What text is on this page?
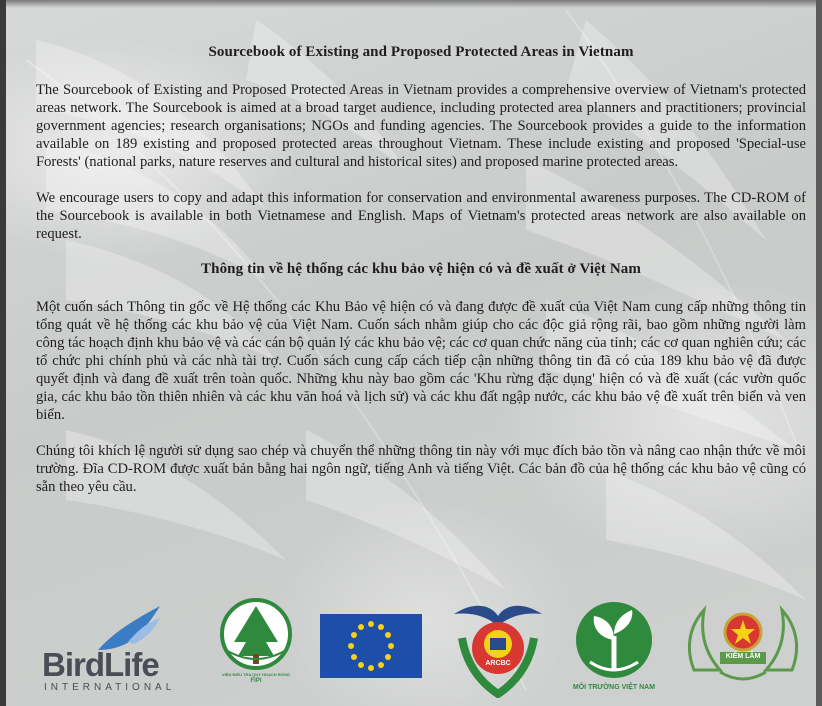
Sourcebook of Existing and Proposed Protected Areas in Vietnam

The Sourcebook of Existing and Proposed Protected Areas in Vietnam provides a comprehensive overview of Vietnam's protected areas network. The Sourcebook is aimed at a broad target audience, including protected area planners and practitioners; provincial government agencies; research organisations; NGOs and funding agencies. The Sourcebook provides a guide to the information available on 189 existing and proposed protected areas throughout Vietnam. These include existing and proposed 'Special-use Forests' (national parks, nature reserves and cultural and historical sites) and proposed marine protected areas.

We encourage users to copy and adapt this information for conservation and environmental awareness purposes. The CD-ROM of the Sourcebook is available in both Vietnamese and English. Maps of Vietnam's protected areas network are also available on request.

Thông tin về hệ thống các khu bảo vệ hiện có và đề xuất ở Việt Nam

Một cuốn sách Thông tin gốc về Hệ thống các Khu Bảo vệ hiện có và đang được đề xuất của Việt Nam cung cấp những thông tin tổng quát về hệ thống các khu bảo vệ của Việt Nam. Cuốn sách nhằm giúp cho các độc giả rộng rãi, bao gồm những người làm công tác hoạch định khu bảo vệ và các cán bộ quản lý các khu bảo vệ; các cơ quan chức năng của tỉnh; các cơ quan nghiên cứu; các tổ chức phi chính phủ và các nhà tài trợ. Cuốn sách cung cấp cách tiếp cận những thông tin đã có của 189 khu bảo vệ đã được quyết định và đang đề xuất trên toàn quốc. Những khu này bao gồm các 'Khu rừng đặc dụng' hiện có và đề xuất (các vườn quốc gia, các khu bảo tồn thiên nhiên và các khu văn hoá và lịch sử) và các khu đất ngập nước, các khu bảo vệ đề xuất trên biển và ven biển.

Chúng tôi khích lệ người sử dụng sao chép và chuyển thể những thông tin này với mục đích bảo tồn và nâng cao nhận thức về môi trường. Đĩa CD-ROM được xuất bản bằng hai ngôn ngữ, tiếng Anh và tiếng Việt. Các bản đồ của hệ thống các khu bảo vệ cũng có sẵn theo yêu cầu.

BirdLife
INTERNATIONAL
VIỆN ĐIỀU TRA QUY HOẠCH RỪNG
FIPI
ARCBC
MÔI TRƯỜNG VIỆT NAM
KIỂM LÂM
